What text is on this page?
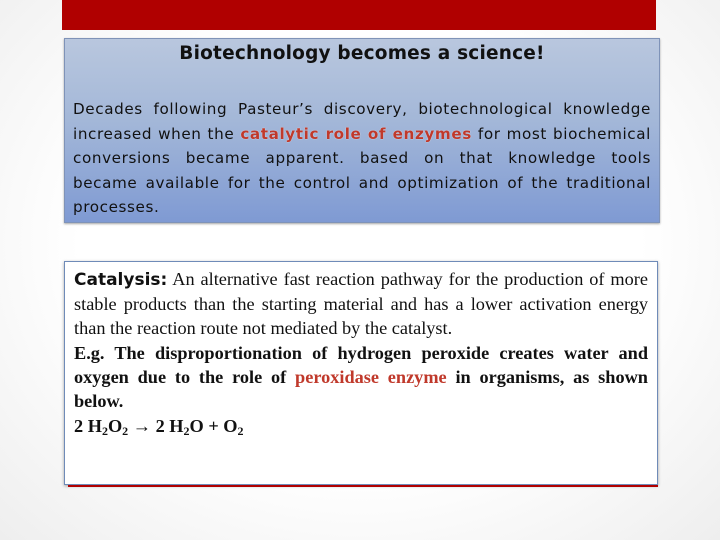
Biotechnology becomes a science!
Decades following Pasteur’s discovery, biotechnological knowledge increased when the catalytic role of enzymes for most biochemical conversions became apparent. based on that knowledge tools became available for the control and optimization of the traditional processes.
Catalysis: An alternative fast reaction pathway for the production of more stable products than the starting material and has a lower activation energy than the reaction route not mediated by the catalyst.
E.g. The disproportionation of hydrogen peroxide creates water and oxygen due to the role of peroxidase enzyme in organisms, as shown below.
2 $H_2O_2 \to 2$ $H_2O + O_2$
